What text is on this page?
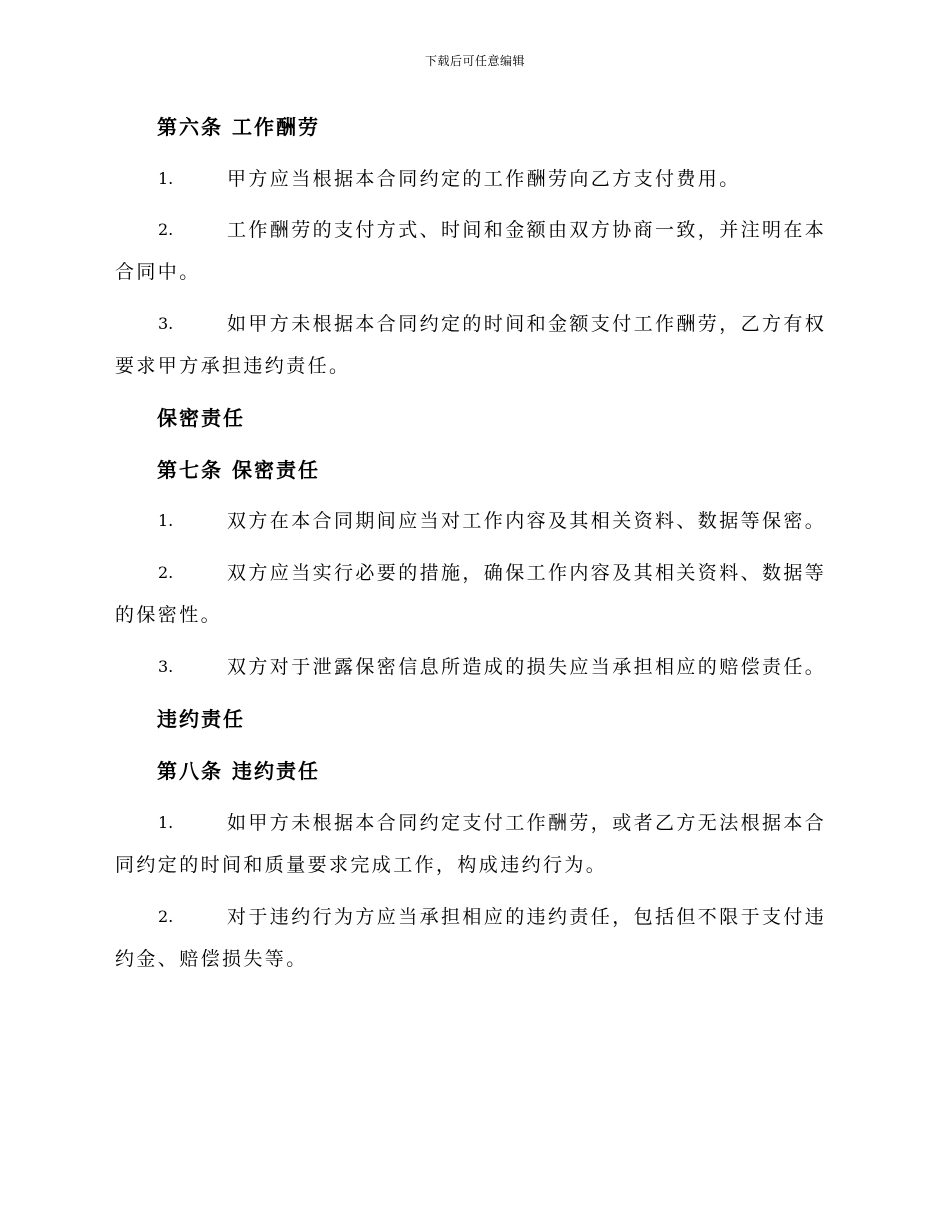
下载后可任意编辑
第六条 工作酬劳
1.	甲方应当根据本合同约定的工作酬劳向乙方支付费用。
2.	工作酬劳的支付方式、时间和金额由双方协商一致，并注明在本合同中。
3.	如甲方未根据本合同约定的时间和金额支付工作酬劳，乙方有权要求甲方承担违约责任。
保密责任
第七条 保密责任
1.	双方在本合同期间应当对工作内容及其相关资料、数据等保密。
2.	双方应当实行必要的措施，确保工作内容及其相关资料、数据等的保密性。
3.	双方对于泄露保密信息所造成的损失应当承担相应的赔偿责任。
违约责任
第八条 违约责任
1.	如甲方未根据本合同约定支付工作酬劳，或者乙方无法根据本合同约定的时间和质量要求完成工作，构成违约行为。
2.	对于违约行为方应当承担相应的违约责任，包括但不限于支付违约金、赔偿损失等。
